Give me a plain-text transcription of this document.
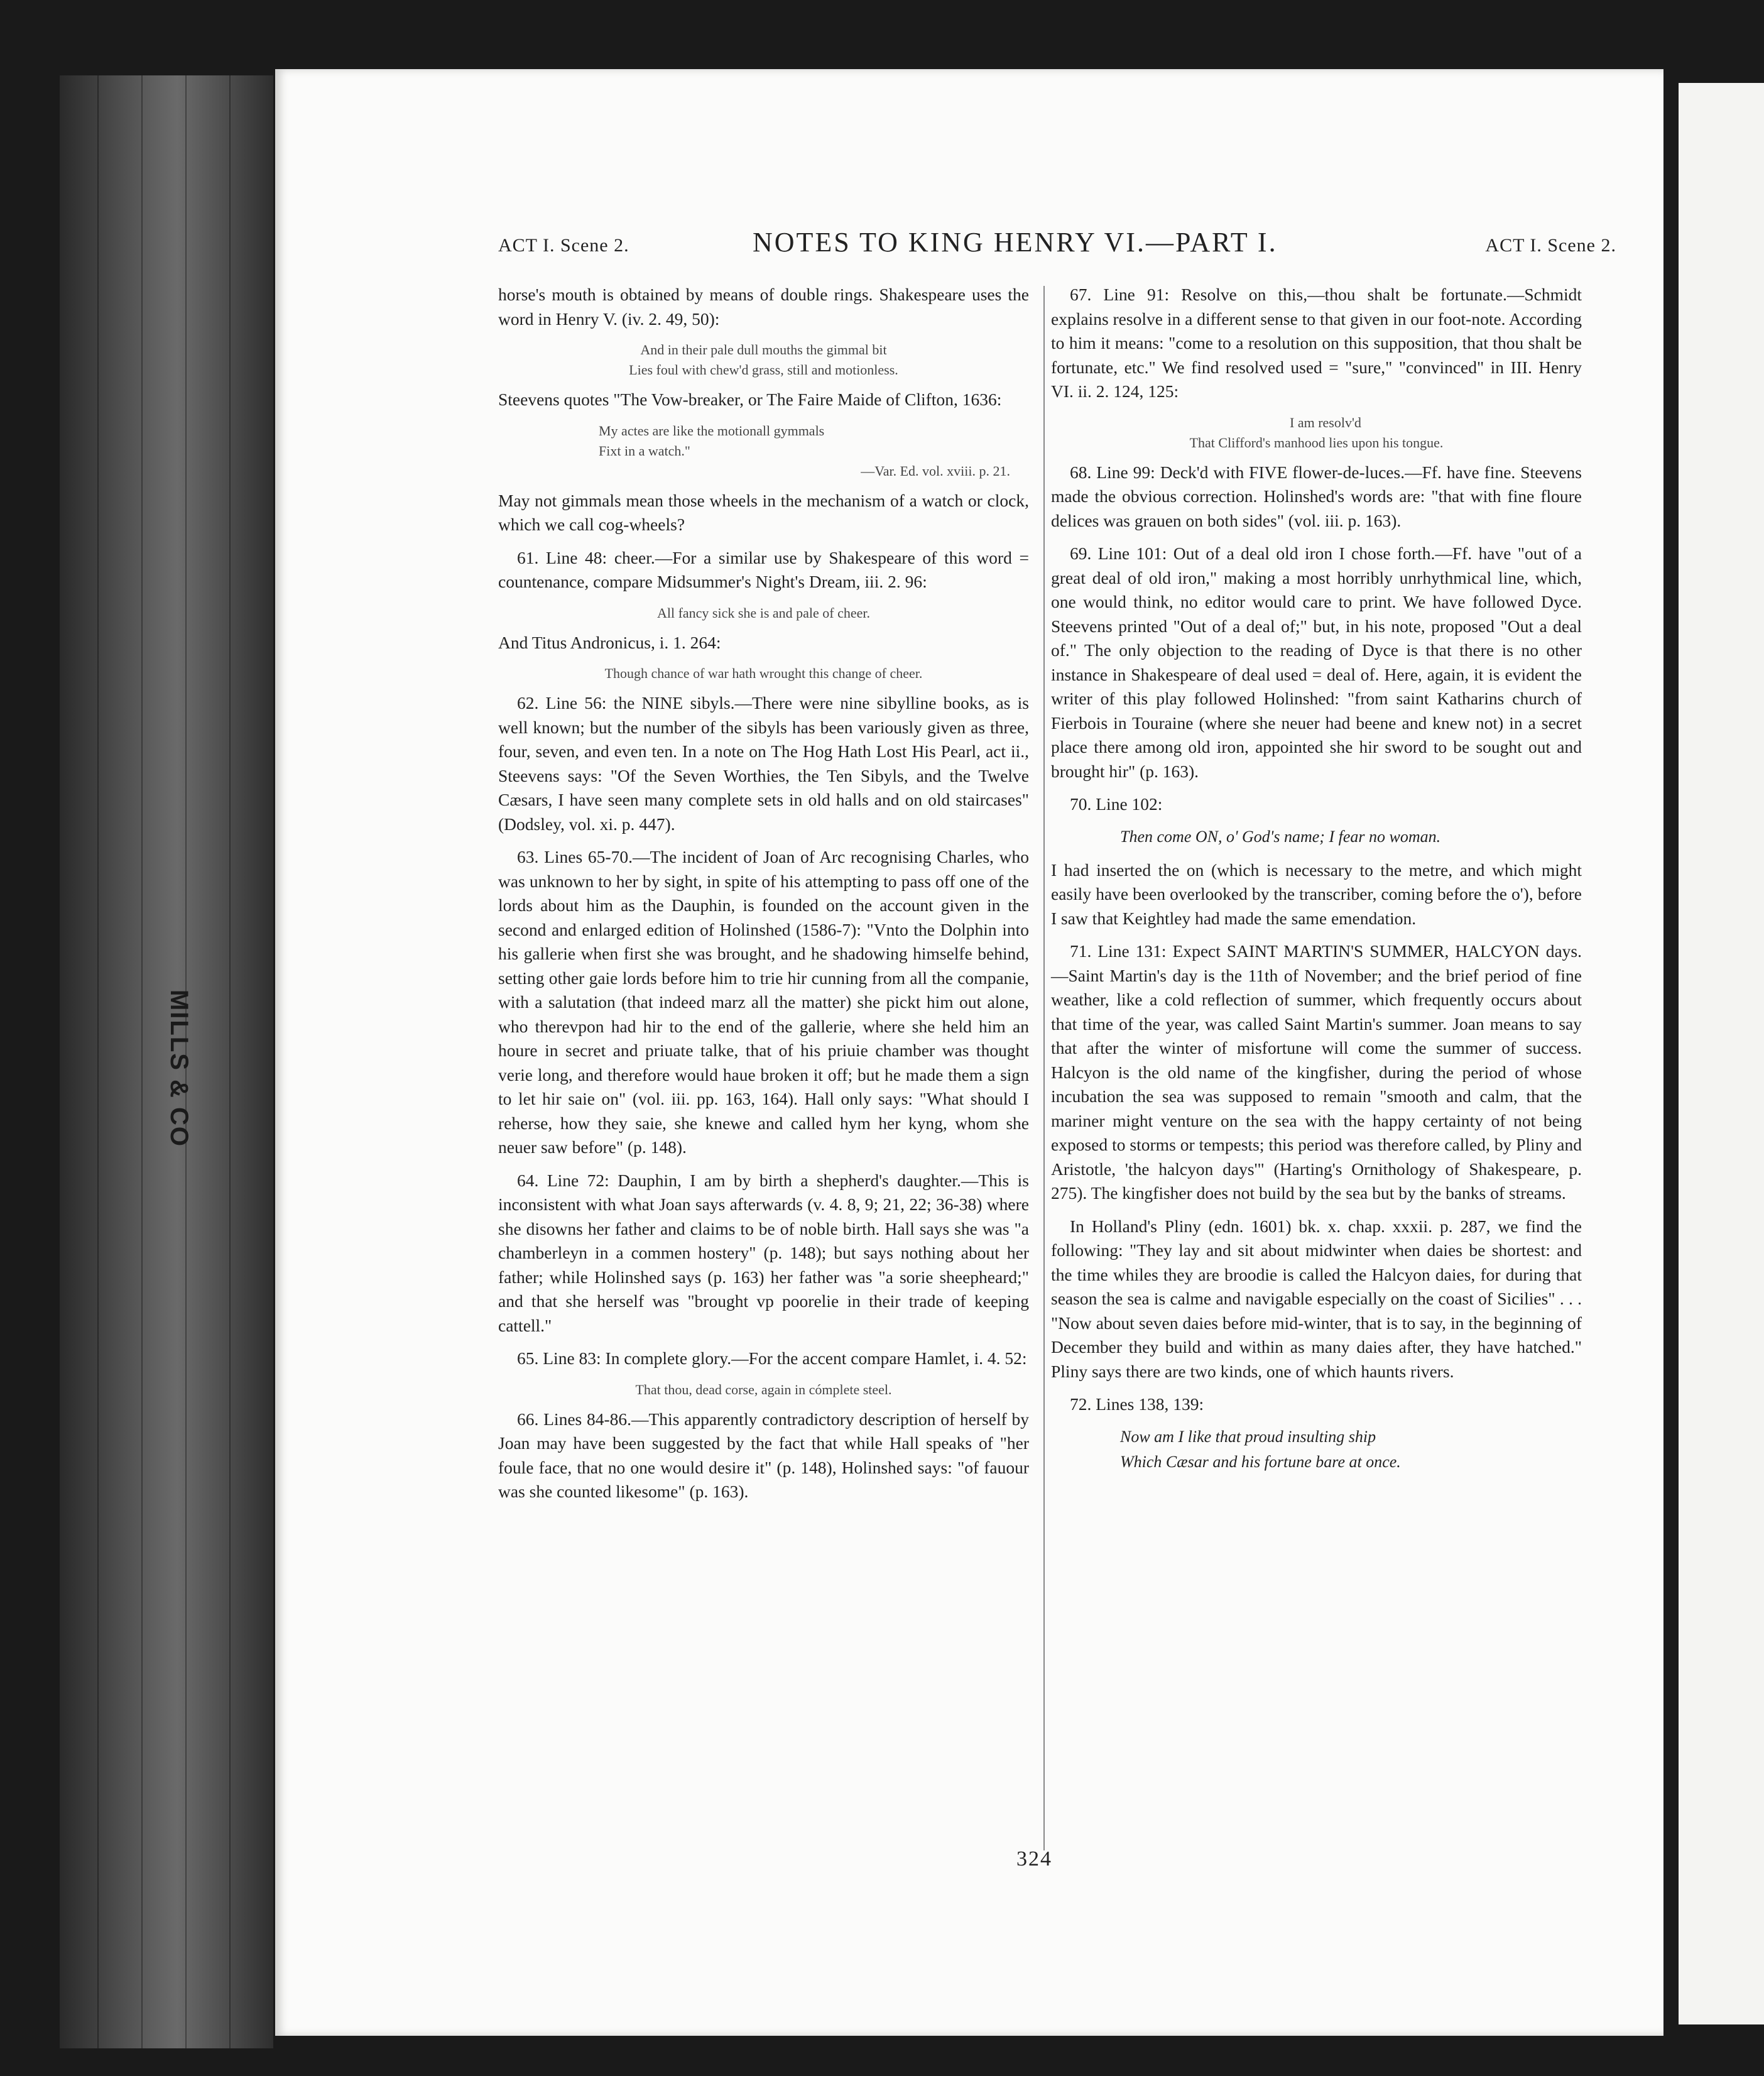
MILLS & CO
ACT I. Scene 2.	NOTES TO KING HENRY VI.—PART I.	ACT I. Scene 2.

horse's mouth is obtained by means of double rings. Shakespeare uses the word in Henry V. (iv. 2. 49, 50):

And in their pale dull mouths the gimmal bit
Lies foul with chew'd grass, still and motionless.

Steevens quotes "The Vow-breaker, or The Faire Maide of Clifton, 1636:

My actes are like the motionall gymmals
Fixt in a watch."
—Var. Ed. vol. xviii. p. 21.

May not gimmals mean those wheels in the mechanism of a watch or clock, which we call cog-wheels?

61. Line 48: cheer.—For a similar use by Shakespeare of this word = countenance, compare Midsummer's Night's Dream, iii. 2. 96:

All fancy sick she is and pale of cheer.

And Titus Andronicus, i. 1. 264:

Though chance of war hath wrought this change of cheer.

62. Line 56: the NINE sibyls.—There were nine sibylline books, as is well known; but the number of the sibyls has been variously given as three, four, seven, and even ten. In a note on The Hog Hath Lost His Pearl, act ii., Steevens says: "Of the Seven Worthies, the Ten Sibyls, and the Twelve Cæsars, I have seen many complete sets in old halls and on old staircases" (Dodsley, vol. xi. p. 447).

63. Lines 65-70.—The incident of Joan of Arc recognising Charles, who was unknown to her by sight, in spite of his attempting to pass off one of the lords about him as the Dauphin, is founded on the account given in the second and enlarged edition of Holinshed (1586-7): "Vnto the Dolphin into his gallerie when first she was brought, and he shadowing himselfe behind, setting other gaie lords before him to trie hir cunning from all the companie, with a salutation (that indeed marz all the matter) she pickt him out alone, who therevpon had hir to the end of the gallerie, where she held him an houre in secret and priuate talke, that of his priuie chamber was thought verie long, and therefore would haue broken it off; but he made them a sign to let hir saie on" (vol. iii. pp. 163, 164). Hall only says: "What should I reherse, how they saie, she knewe and called hym her kyng, whom she neuer saw before" (p. 148).

64. Line 72: Dauphin, I am by birth a shepherd's daughter.—This is inconsistent with what Joan says afterwards (v. 4. 8, 9; 21, 22; 36-38) where she disowns her father and claims to be of noble birth. Hall says she was "a chamberleyn in a commen hostery" (p. 148); but says nothing about her father; while Holinshed says (p. 163) her father was "a sorie sheepheard;" and that she herself was "brought vp poorelie in their trade of keeping cattell."

65. Line 83: In complete glory.—For the accent compare Hamlet, i. 4. 52:

That thou, dead corse, again in cómplete steel.

66. Lines 84-86.—This apparently contradictory description of herself by Joan may have been suggested by the fact that while Hall speaks of "her foule face, that no one would desire it" (p. 148), Holinshed says: "of fauour was she counted likesome" (p. 163).

67. Line 91: Resolve on this,—thou shalt be fortunate.—Schmidt explains resolve in a different sense to that given in our foot-note. According to him it means: "come to a resolution on this supposition, that thou shalt be fortunate, etc." We find resolved used = "sure," "convinced" in III. Henry VI. ii. 2. 124, 125:

I am resolv'd
That Clifford's manhood lies upon his tongue.

68. Line 99: Deck'd with FIVE flower-de-luces.—Ff. have fine. Steevens made the obvious correction. Holinshed's words are: "that with fine floure delices was grauen on both sides" (vol. iii. p. 163).

69. Line 101: Out of a deal old iron I chose forth.—Ff. have "out of a great deal of old iron," making a most horribly unrhythmical line, which, one would think, no editor would care to print. We have followed Dyce. Steevens printed "Out of a deal of;" but, in his note, proposed "Out a deal of." The only objection to the reading of Dyce is that there is no other instance in Shakespeare of deal used = deal of. Here, again, it is evident the writer of this play followed Holinshed: "from saint Katharins church of Fierbois in Touraine (where she neuer had beene and knew not) in a secret place there among old iron, appointed she hir sword to be sought out and brought hir" (p. 163).

70. Line 102:

Then come ON, o' God's name; I fear no woman.

I had inserted the on (which is necessary to the metre, and which might easily have been overlooked by the transcriber, coming before the o'), before I saw that Keightley had made the same emendation.

71. Line 131: Expect SAINT MARTIN'S SUMMER, HALCYON days.—Saint Martin's day is the 11th of November; and the brief period of fine weather, like a cold reflection of summer, which frequently occurs about that time of the year, was called Saint Martin's summer. Joan means to say that after the winter of misfortune will come the summer of success. Halcyon is the old name of the kingfisher, during the period of whose incubation the sea was supposed to remain "smooth and calm, that the mariner might venture on the sea with the happy certainty of not being exposed to storms or tempests; this period was therefore called, by Pliny and Aristotle, 'the halcyon days'" (Harting's Ornithology of Shakespeare, p. 275). The kingfisher does not build by the sea but by the banks of streams.

In Holland's Pliny (edn. 1601) bk. x. chap. xxxii. p. 287, we find the following: "They lay and sit about midwinter when daies be shortest: and the time whiles they are broodie is called the Halcyon daies, for during that season the sea is calme and navigable especially on the coast of Sicilies" . . . "Now about seven daies before mid-winter, that is to say, in the beginning of December they build and within as many daies after, they have hatched." Pliny says there are two kinds, one of which haunts rivers.

72. Lines 138, 139:

Now am I like that proud insulting ship
Which Cæsar and his fortune bare at once.
324
